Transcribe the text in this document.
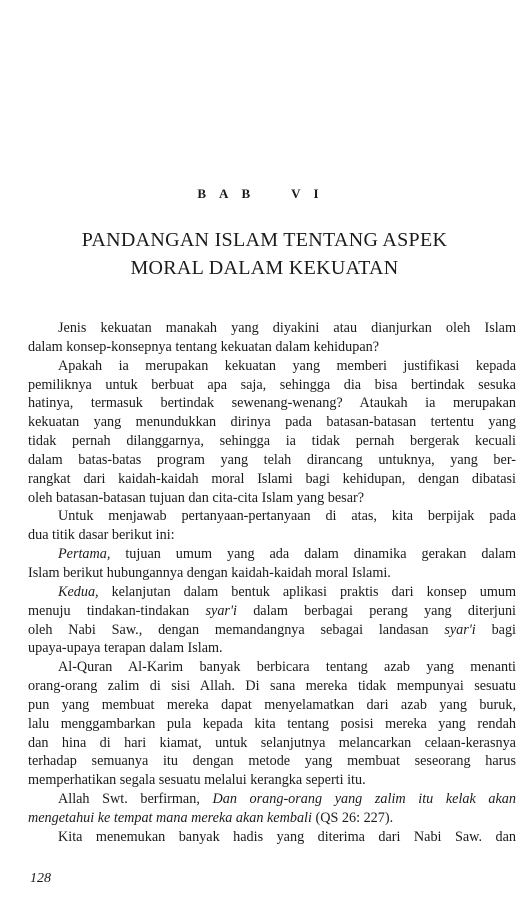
BAB VI
PANDANGAN ISLAM TENTANG ASPEK
MORAL DALAM KEKUATAN
Jenis kekuatan manakah yang diyakini atau dianjurkan oleh Islam
dalam konsep-konsepnya tentang kekuatan dalam kehidupan?
Apakah ia merupakan kekuatan yang memberi justifikasi kepada
pemiliknya untuk berbuat apa saja, sehingga dia bisa bertindak sesuka
hatinya, termasuk bertindak sewenang-wenang? Ataukah ia merupakan
kekuatan yang menundukkan dirinya pada batasan-batasan tertentu yang
tidak pernah dilanggarnya, sehingga ia tidak pernah bergerak kecuali
dalam batas-batas program yang telah dirancang untuknya, yang ber-
rangkat dari kaidah-kaidah moral Islami bagi kehidupan, dengan dibatasi
oleh batasan-batasan tujuan dan cita-cita Islam yang besar?
Untuk menjawab pertanyaan-pertanyaan di atas, kita berpijak pada
dua titik dasar berikut ini:
Pertama, tujuan umum yang ada dalam dinamika gerakan dalam
Islam berikut hubungannya dengan kaidah-kaidah moral Islami.
Kedua, kelanjutan dalam bentuk aplikasi praktis dari konsep umum
menuju tindakan-tindakan syar'i dalam berbagai perang yang diterjuni
oleh Nabi Saw., dengan memandangnya sebagai landasan syar'i bagi
upaya-upaya terapan dalam Islam.
Al-Quran Al-Karim banyak berbicara tentang azab yang menanti
orang-orang zalim di sisi Allah. Di sana mereka tidak mempunyai sesuatu
pun yang membuat mereka dapat menyelamatkan dari azab yang buruk,
lalu menggambarkan pula kepada kita tentang posisi mereka yang rendah
dan hina di hari kiamat, untuk selanjutnya melancarkan celaan-kerasnya
terhadap semuanya itu dengan metode yang membuat seseorang harus
memperhatikan segala sesuatu melalui kerangka seperti itu.
Allah Swt. berfirman, Dan orang-orang yang zalim itu kelak akan
mengetahui ke tempat mana mereka akan kembali (QS 26: 227).
Kita menemukan banyak hadis yang diterima dari Nabi Saw. dan
128
